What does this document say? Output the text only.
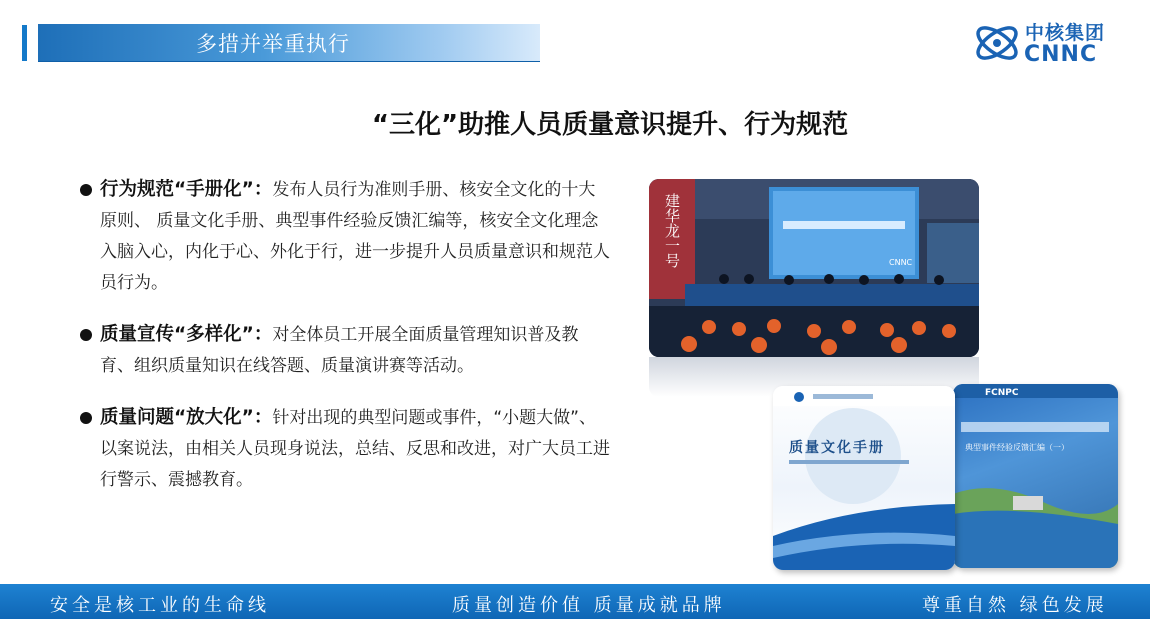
多措并举重执行	中核集团
CNNC
“三化”助推人员质量意识提升、行为规范
行为规范“手册化”：发布人员行为准则手册、核安全文化的十大原则、 质量文化手册、典型事件经验反馈汇编等，核安全文化理念入脑入心，内化于心、外化于行，进一步提升人员质量意识和规范人员行为。
质量宣传“多样化”：对全体员工开展全面质量管理知识普及教育、组织质量知识在线答题、质量演讲赛等活动。
质量问题“放大化”：针对出现的典型问题或事件，“小题大做”、以案说法，由相关人员现身说法，总结、反思和改进，对广大员工进行警示、震撼教育。
建华龙一号	CNNC
FCNPC
典型事件经验反馈汇编（一）
质量文化手册
安全是核工业的生命线	质量创造价值 质量成就品牌	尊重自然 绿色发展
